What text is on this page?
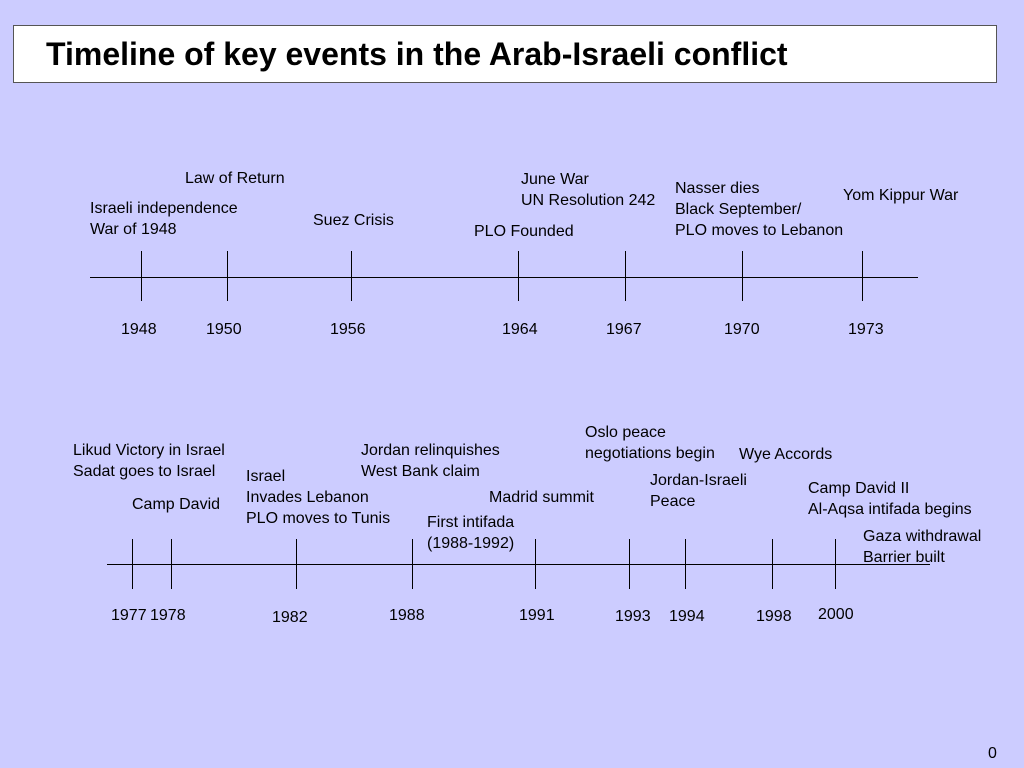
Timeline of key events in the Arab-Israeli conflict
1948	1950	1956	1964	1967	1970	1973
Law of Return
Israeli independence
War of 1948
Suez Crisis
June War
UN Resolution 242
PLO Founded
Nasser dies
Black September/
PLO moves to Lebanon
Yom Kippur War
1977 1978	1982	1988	1991	1993 1994	1998 2000
Likud Victory in Israel
Sadat goes to Israel
Camp David
Israel
Invades Lebanon
PLO moves to Tunis
Jordan relinquishes
West Bank claim
Madrid summit
First intifada
(1988-1992)
Oslo peace
negotiations begin Wye Accords
Jordan-Israeli
Peace
Camp David II
Al-Aqsa intifada begins
Gaza withdrawal
Barrier built
0
